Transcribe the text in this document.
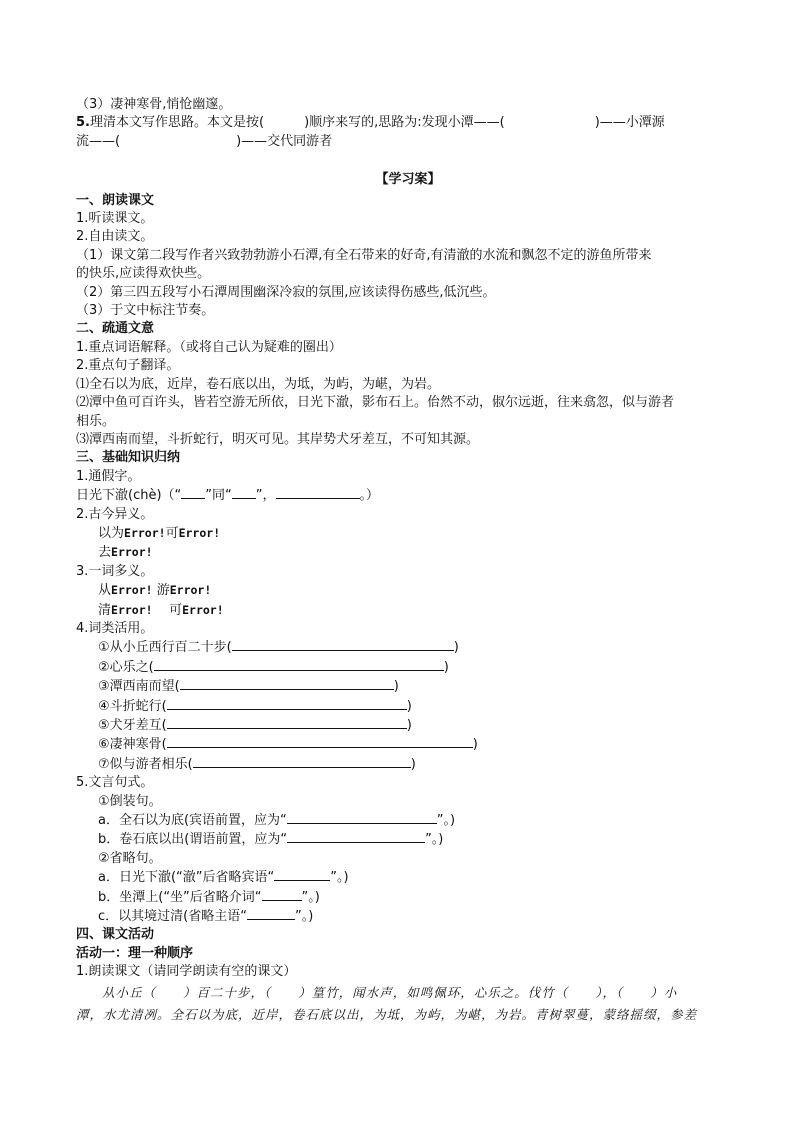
（3）凄神寒骨,悄怆幽邃。
5.理清本文写作思路。本文是按(	)顺序来写的,思路为:发现小潭——(	)——小潭源
流——(	)——交代同游者
【学习案】
一、朗读课文
1.听读课文。
2.自由读文。
（1）课文第二段写作者兴致勃勃游小石潭,有全石带来的好奇,有清澈的水流和飘忽不定的游鱼所带来
的快乐,应读得欢快些。
（2）第三四五段写小石潭周围幽深冷寂的氛围,应该读得伤感些,低沉些。
（3）于文中标注节奏。
二、疏通文意
1.重点词语解释。（或将自己认为疑难的圈出）
2.重点句子翻译。
⑴全石以为底，近岸，卷石底以出，为坻，为屿，为嵁，为岩。
⑵潭中鱼可百许头，皆若空游无所依，日光下澈，影布石上。佁然不动，俶尔远逝，往来翕忽，似与游者
相乐。
⑶潭西南而望，斗折蛇行，明灭可见。其岸势犬牙差互，不可知其源。
三、基础知识归纳
1.通假字。
日光下澈(chè)（“ ”同“ ”，	。）
2.古今异义。
以为Error!可Error!
去Error!
3.一词多义。
从Error! 游Error!
清Error! 可Error!
4.词类活用。
①从小丘西行百二十步(	)
②心乐之(	)
③潭西南而望(	)
④斗折蛇行(	)
⑤犬牙差互(	)
⑥凄神寒骨(	)
⑦似与游者相乐(	)
5.文言句式。
①倒装句。
a．全石以为底(宾语前置，应为“	”。)
b．卷石底以出(谓语前置，应为“	”。)
②省略句。
a．日光下澈(“澈”后省略宾语“	”。)
b．坐潭上(“坐”后省略介词“	”。)
c．以其境过清(省略主语“	”。)
四、课文活动
活动一：理一种顺序
1.朗读课文（请同学朗读有空的课文）
从小丘（　　）百二十步，（　　）篁竹，闻水声，如鸣佩环，心乐之。伐竹（　　），（　　）小
潭，水尤清冽。全石以为底，近岸，卷石底以出，为坻，为屿，为嵁，为岩。青树翠蔓，蒙络摇缀，参差
